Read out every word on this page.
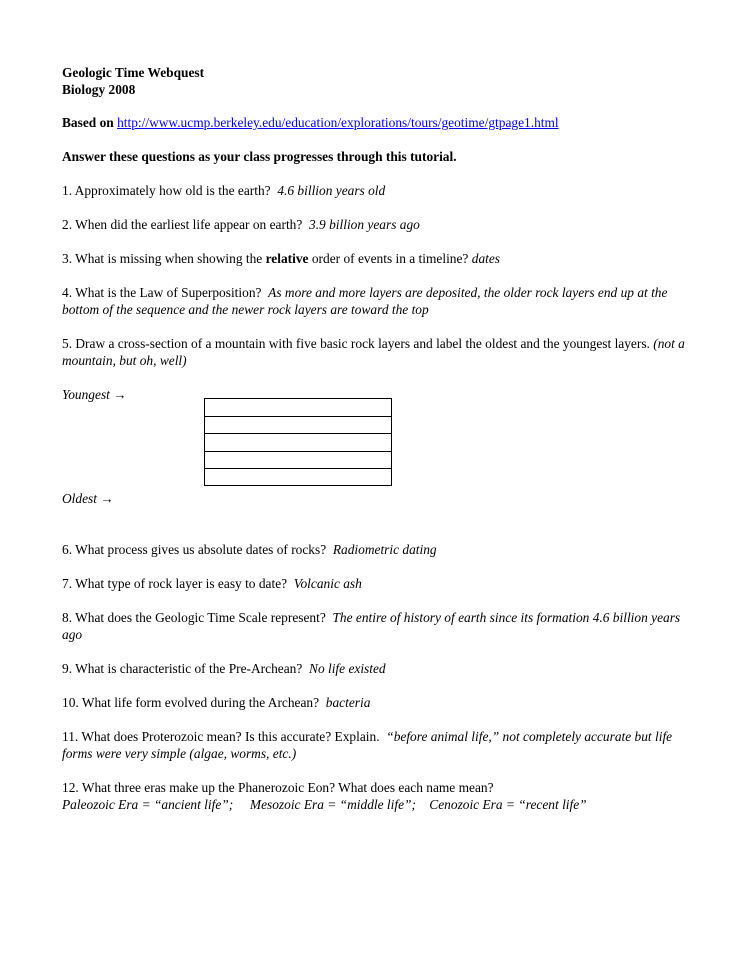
Geologic Time Webquest
Biology 2008

Based on http://www.ucmp.berkeley.edu/education/explorations/tours/geotime/gtpage1.html

Answer these questions as your class progresses through this tutorial.

1. Approximately how old is the earth? 4.6 billion years old

2. When did the earliest life appear on earth? 3.9 billion years ago

3. What is missing when showing the relative order of events in a timeline? dates

4. What is the Law of Superposition? As more and more layers are deposited, the older rock layers end up at the bottom of the sequence and the newer rock layers are toward the top

5. Draw a cross-section of a mountain with five basic rock layers and label the oldest and the youngest layers. (not a mountain, but oh, well)

Youngest →

Oldest →

6. What process gives us absolute dates of rocks? Radiometric dating

7. What type of rock layer is easy to date? Volcanic ash

8. What does the Geologic Time Scale represent? The entire of history of earth since its formation 4.6 billion years ago

9. What is characteristic of the Pre-Archean? No life existed

10. What life form evolved during the Archean? bacteria

11. What does Proterozoic mean? Is this accurate? Explain. “before animal life,” not completely accurate but life forms were very simple (algae, worms, etc.)

12. What three eras make up the Phanerozoic Eon? What does each name mean?
Paleozoic Era = “ancient life”;     Mesozoic Era = “middle life”;    Cenozoic Era = “recent life”
